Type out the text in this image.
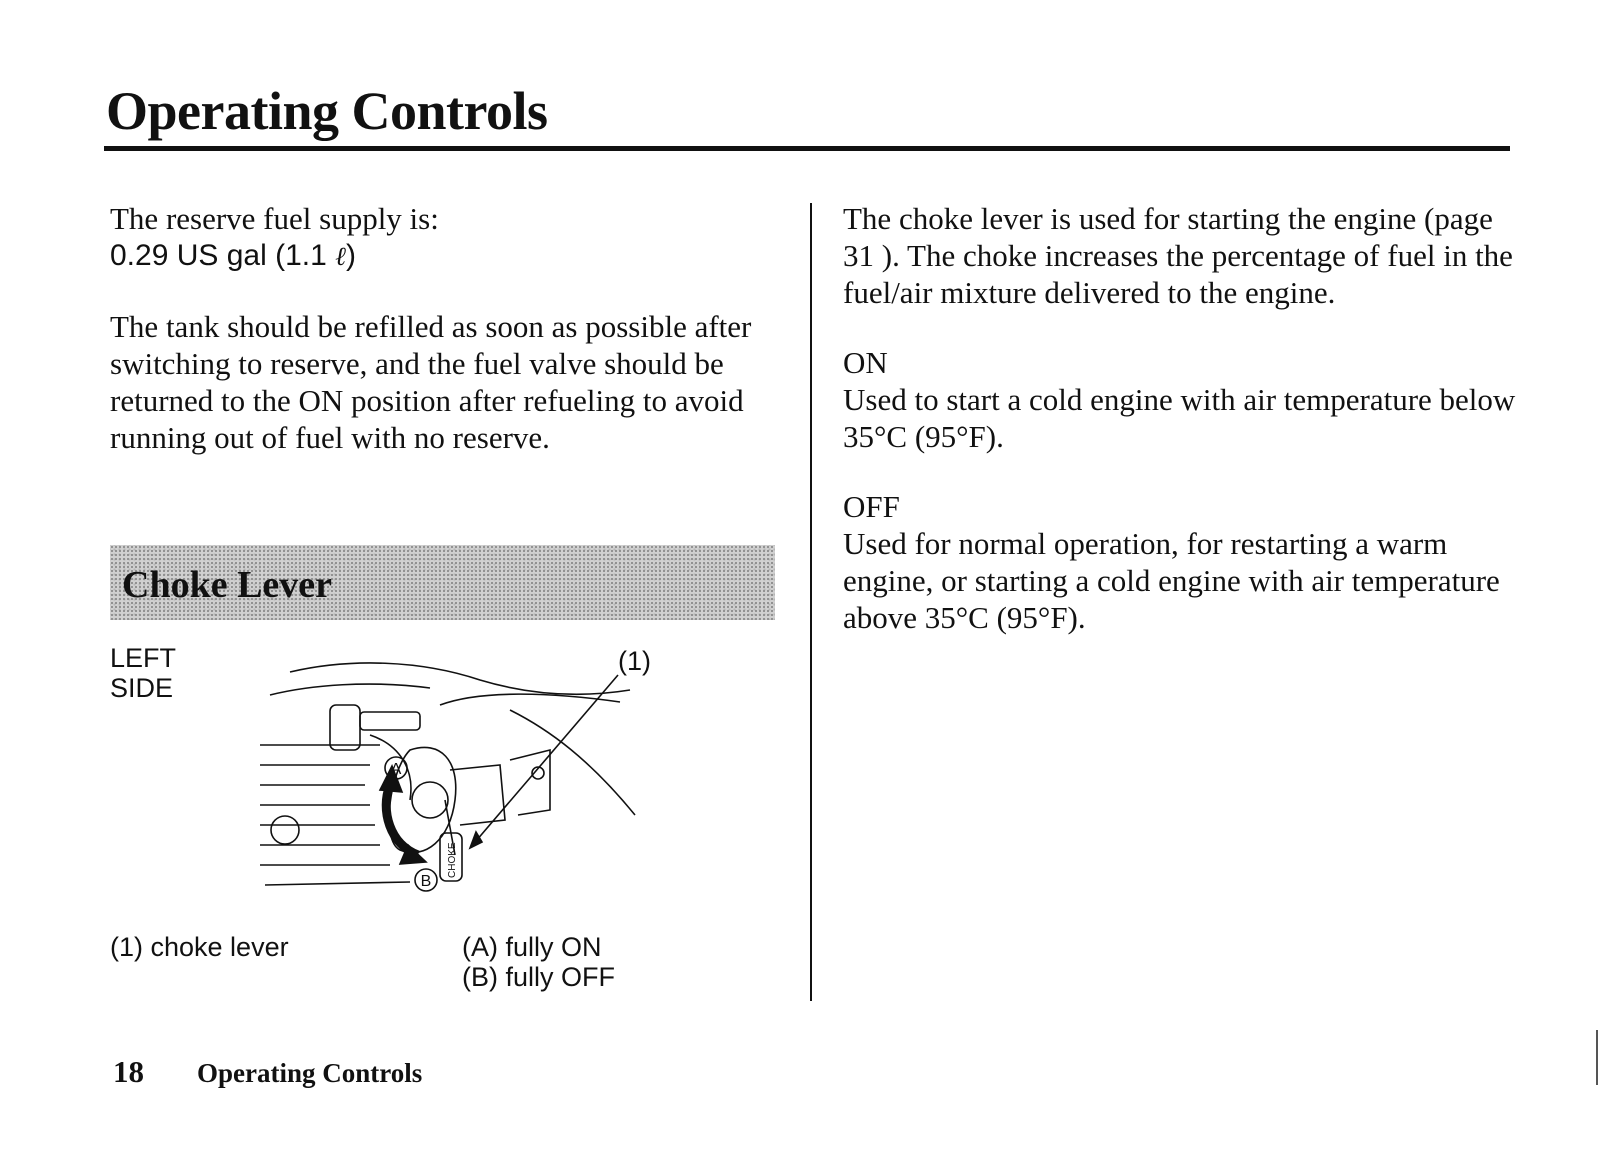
Operating Controls

The reserve fuel supply is:

0.29 US gal (1.1 ℓ)

The tank should be refilled as soon as possible after switching to reserve, and the fuel valve should be returned to the ON position after refueling to avoid running out of fuel with no reserve.

Choke Lever
LEFT
SIDE
(1)
CHOKE
A
B
(1) choke lever	(A) fully ON
(B) fully OFF

The choke lever is used for starting the engine (page 31 ). The choke increases the percentage of fuel in the fuel/air mixture delivered to the engine.

ON

Used to start a cold engine with air temperature below 35°C (95°F).

OFF

Used for normal operation, for restarting a warm engine, or starting a cold engine with air temperature above 35°C (95°F).

18 Operating Controls
